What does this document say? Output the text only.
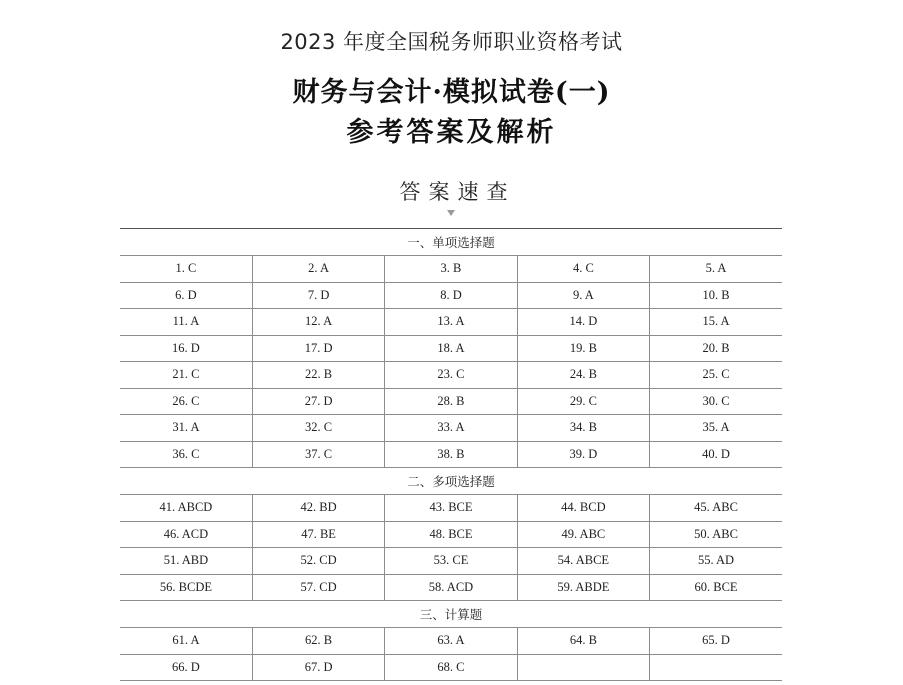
2023 年度全国税务师职业资格考试
财务与会计·模拟试卷(一)
参考答案及解析
答案速查
一、单项选择题				
1. C	2. A	3. B	4. C	5. A
6. D	7. D	8. D	9. A	10. B
11. A	12. A	13. A	14. D	15. A
16. D	17. D	18. A	19. B	20. B
21. C	22. B	23. C	24. B	25. C
26. C	27. D	28. B	29. C	30. C
31. A	32. C	33. A	34. B	35. A
36. C	37. C	38. B	39. D	40. D
二、多项选择题				
41. ABCD	42. BD	43. BCE	44. BCD	45. ABC
46. ACD	47. BE	48. BCE	49. ABC	50. ABC
51. ABD	52. CD	53. CE	54. ABCE	55. AD
56. BCDE	57. CD	58. ACD	59. ABDE	60. BCE
三、计算题				
61. A	62. B	63. A	64. B	65. D
66. D	67. D	68. C		
